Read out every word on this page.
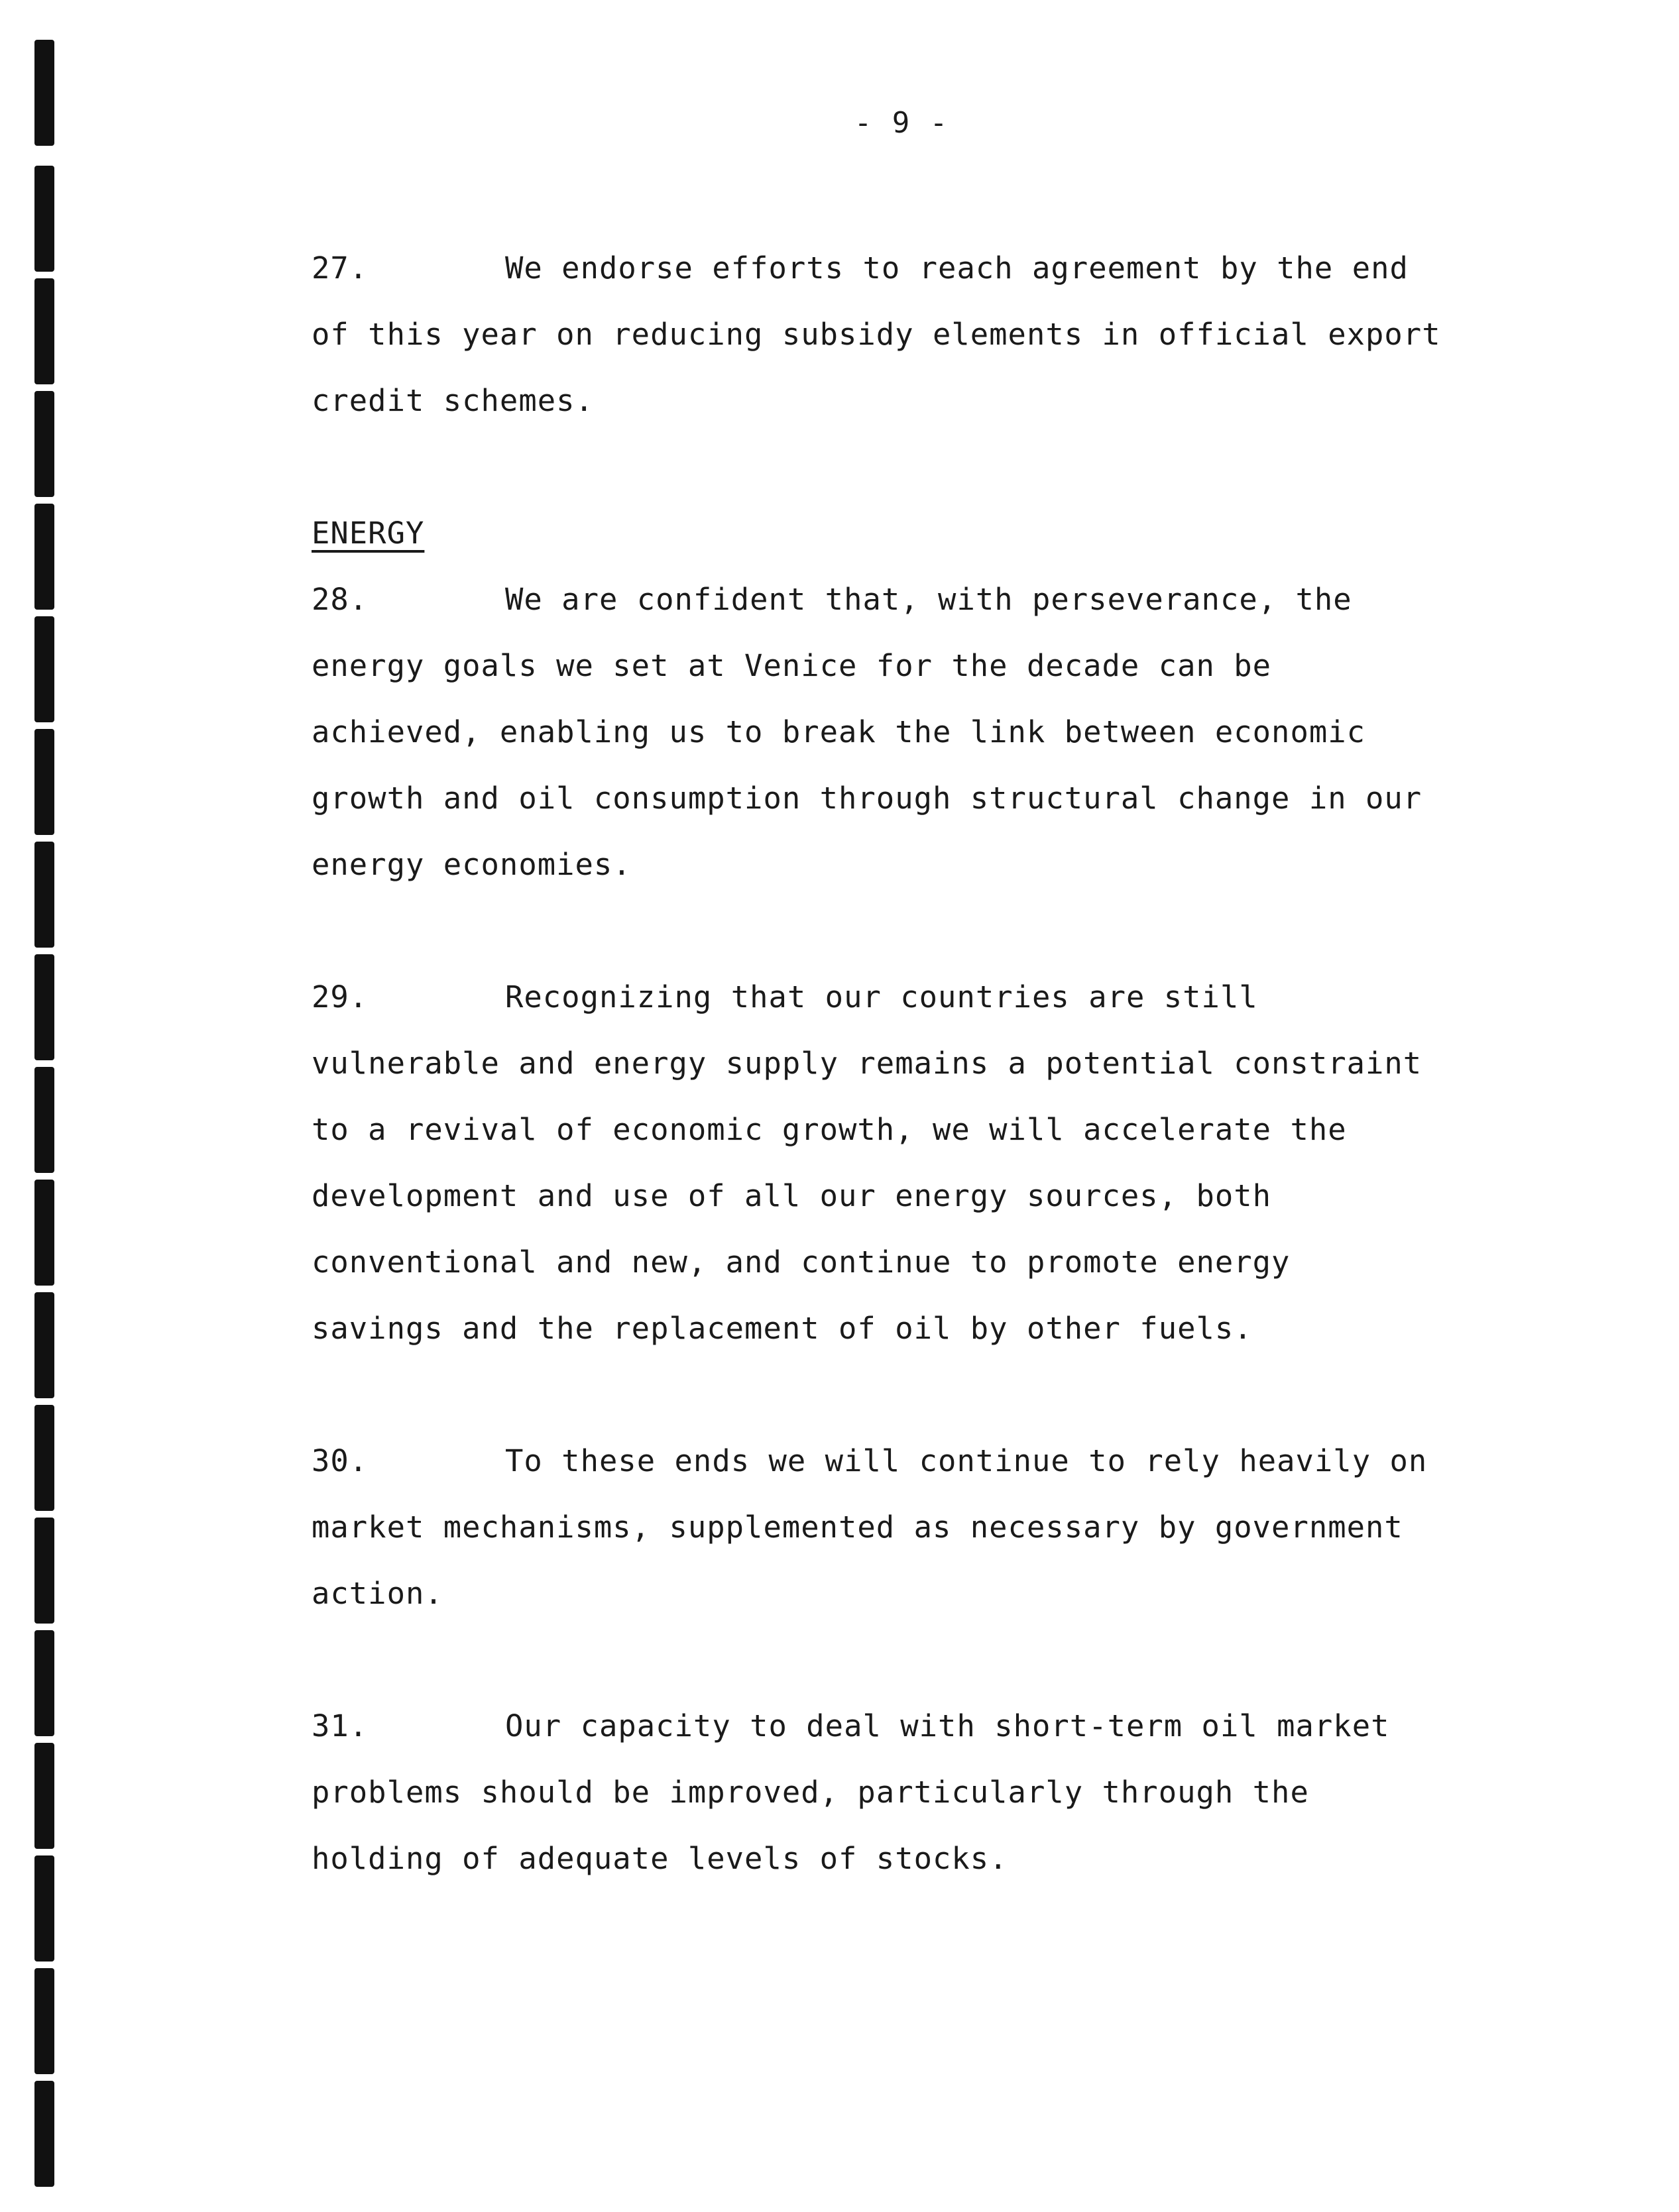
- 9 -
27.	We endorse efforts to reach agreement by the end
of this year on reducing subsidy elements in official export
credit schemes.
ENERGY
28.	We are confident that, with perseverance, the
energy goals we set at Venice for the decade can be
achieved, enabling us to break the link between economic
growth and oil consumption through structural change in our
energy economies.
29.	Recognizing that our countries are still
vulnerable and energy supply remains a potential constraint
to a revival of economic growth, we will accelerate the
development and use of all our energy sources, both
conventional and new, and continue to promote energy
savings and the replacement of oil by other fuels.
30.	To these ends we will continue to rely heavily on
market mechanisms, supplemented as necessary by government
action.
31.	Our capacity to deal with short-term oil market
problems should be improved, particularly through the
holding of adequate levels of stocks.
